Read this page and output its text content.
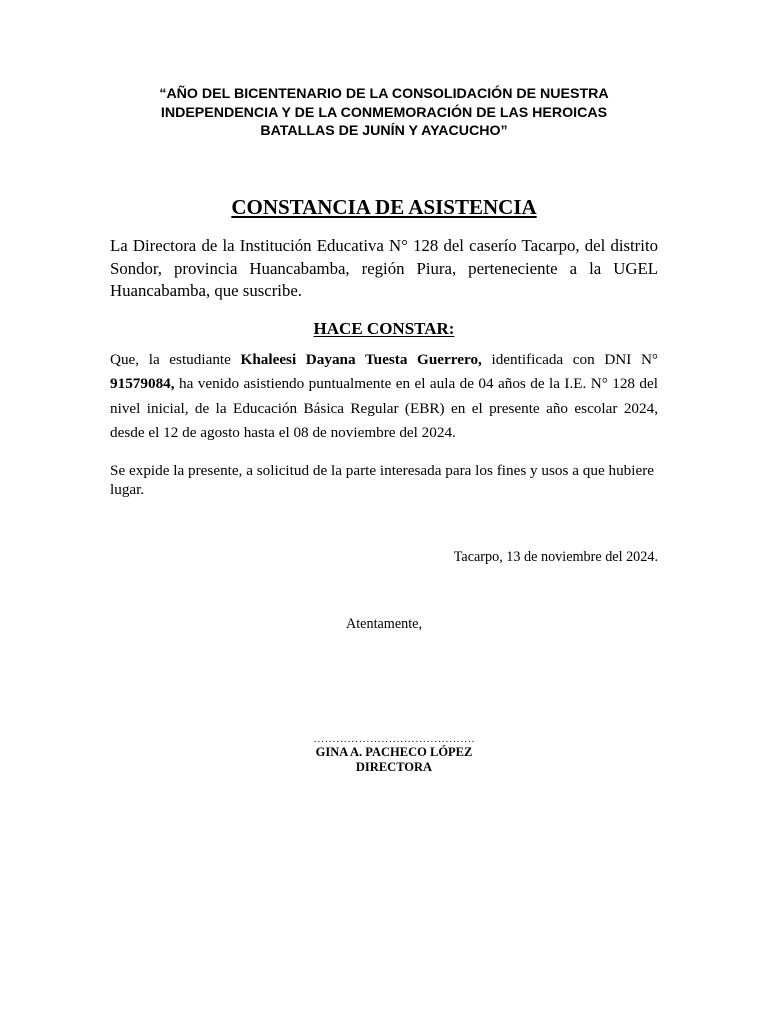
“AÑO DEL BICENTENARIO DE LA CONSOLIDACIÓN DE NUESTRA
INDEPENDENCIA Y DE LA CONMEMORACIÓN DE LAS HEROICAS
BATALLAS DE JUNÍN Y AYACUCHO”
CONSTANCIA DE ASISTENCIA
La Directora de la Institución Educativa N° 128 del caserío Tacarpo, del distrito Sondor, provincia Huancabamba, región Piura, perteneciente a la UGEL Huancabamba, que suscribe.
HACE CONSTAR:
Que, la estudiante Khaleesi Dayana Tuesta Guerrero, identificada con DNI N° 91579084, ha venido asistiendo puntualmente en el aula de 04 años de la I.E. N° 128 del nivel inicial, de la Educación Básica Regular (EBR) en el presente año escolar 2024, desde el 12 de agosto hasta el 08 de noviembre del 2024.
Se expide la presente, a solicitud de la parte interesada para los fines y usos a que hubiere lugar.
Tacarpo, 13 de noviembre del 2024.
Atentamente,
…………………………………….
GINA A. PACHECO LÓPEZ
DIRECTORA
